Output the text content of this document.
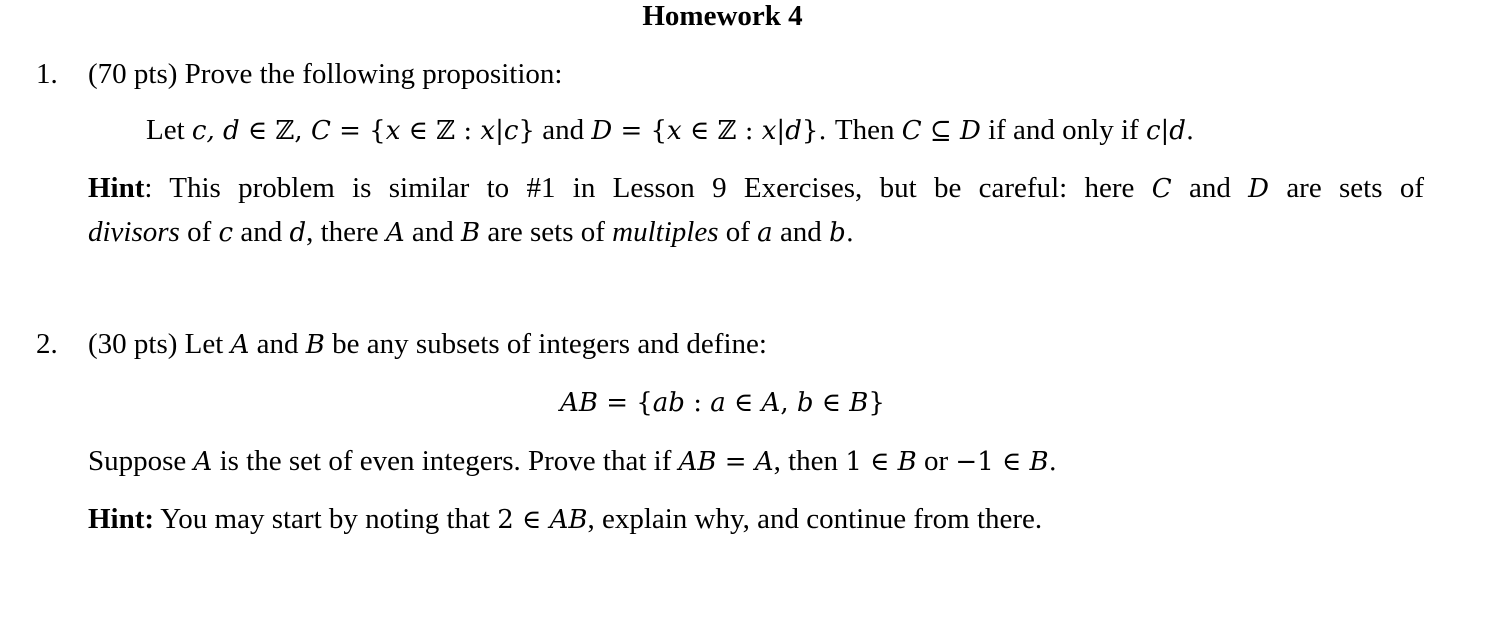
Homework 4
1. (70 pts) Prove the following proposition:
Let c, d ∈ ℤ, C = {x ∈ ℤ : x|c} and D = {x ∈ ℤ : x|d}. Then C ⊆ D if and only if c|d.
Hint: This problem is similar to #1 in Lesson 9 Exercises, but be careful: here C and D are sets of
divisors of c and d, there A and B are sets of multiples of a and b.
2. (30 pts) Let A and B be any subsets of integers and define:
AB = {ab : a ∈ A, b ∈ B}
Suppose A is the set of even integers. Prove that if AB = A, then 1 ∈ B or −1 ∈ B.
Hint: You may start by noting that 2 ∈ AB, explain why, and continue from there.
